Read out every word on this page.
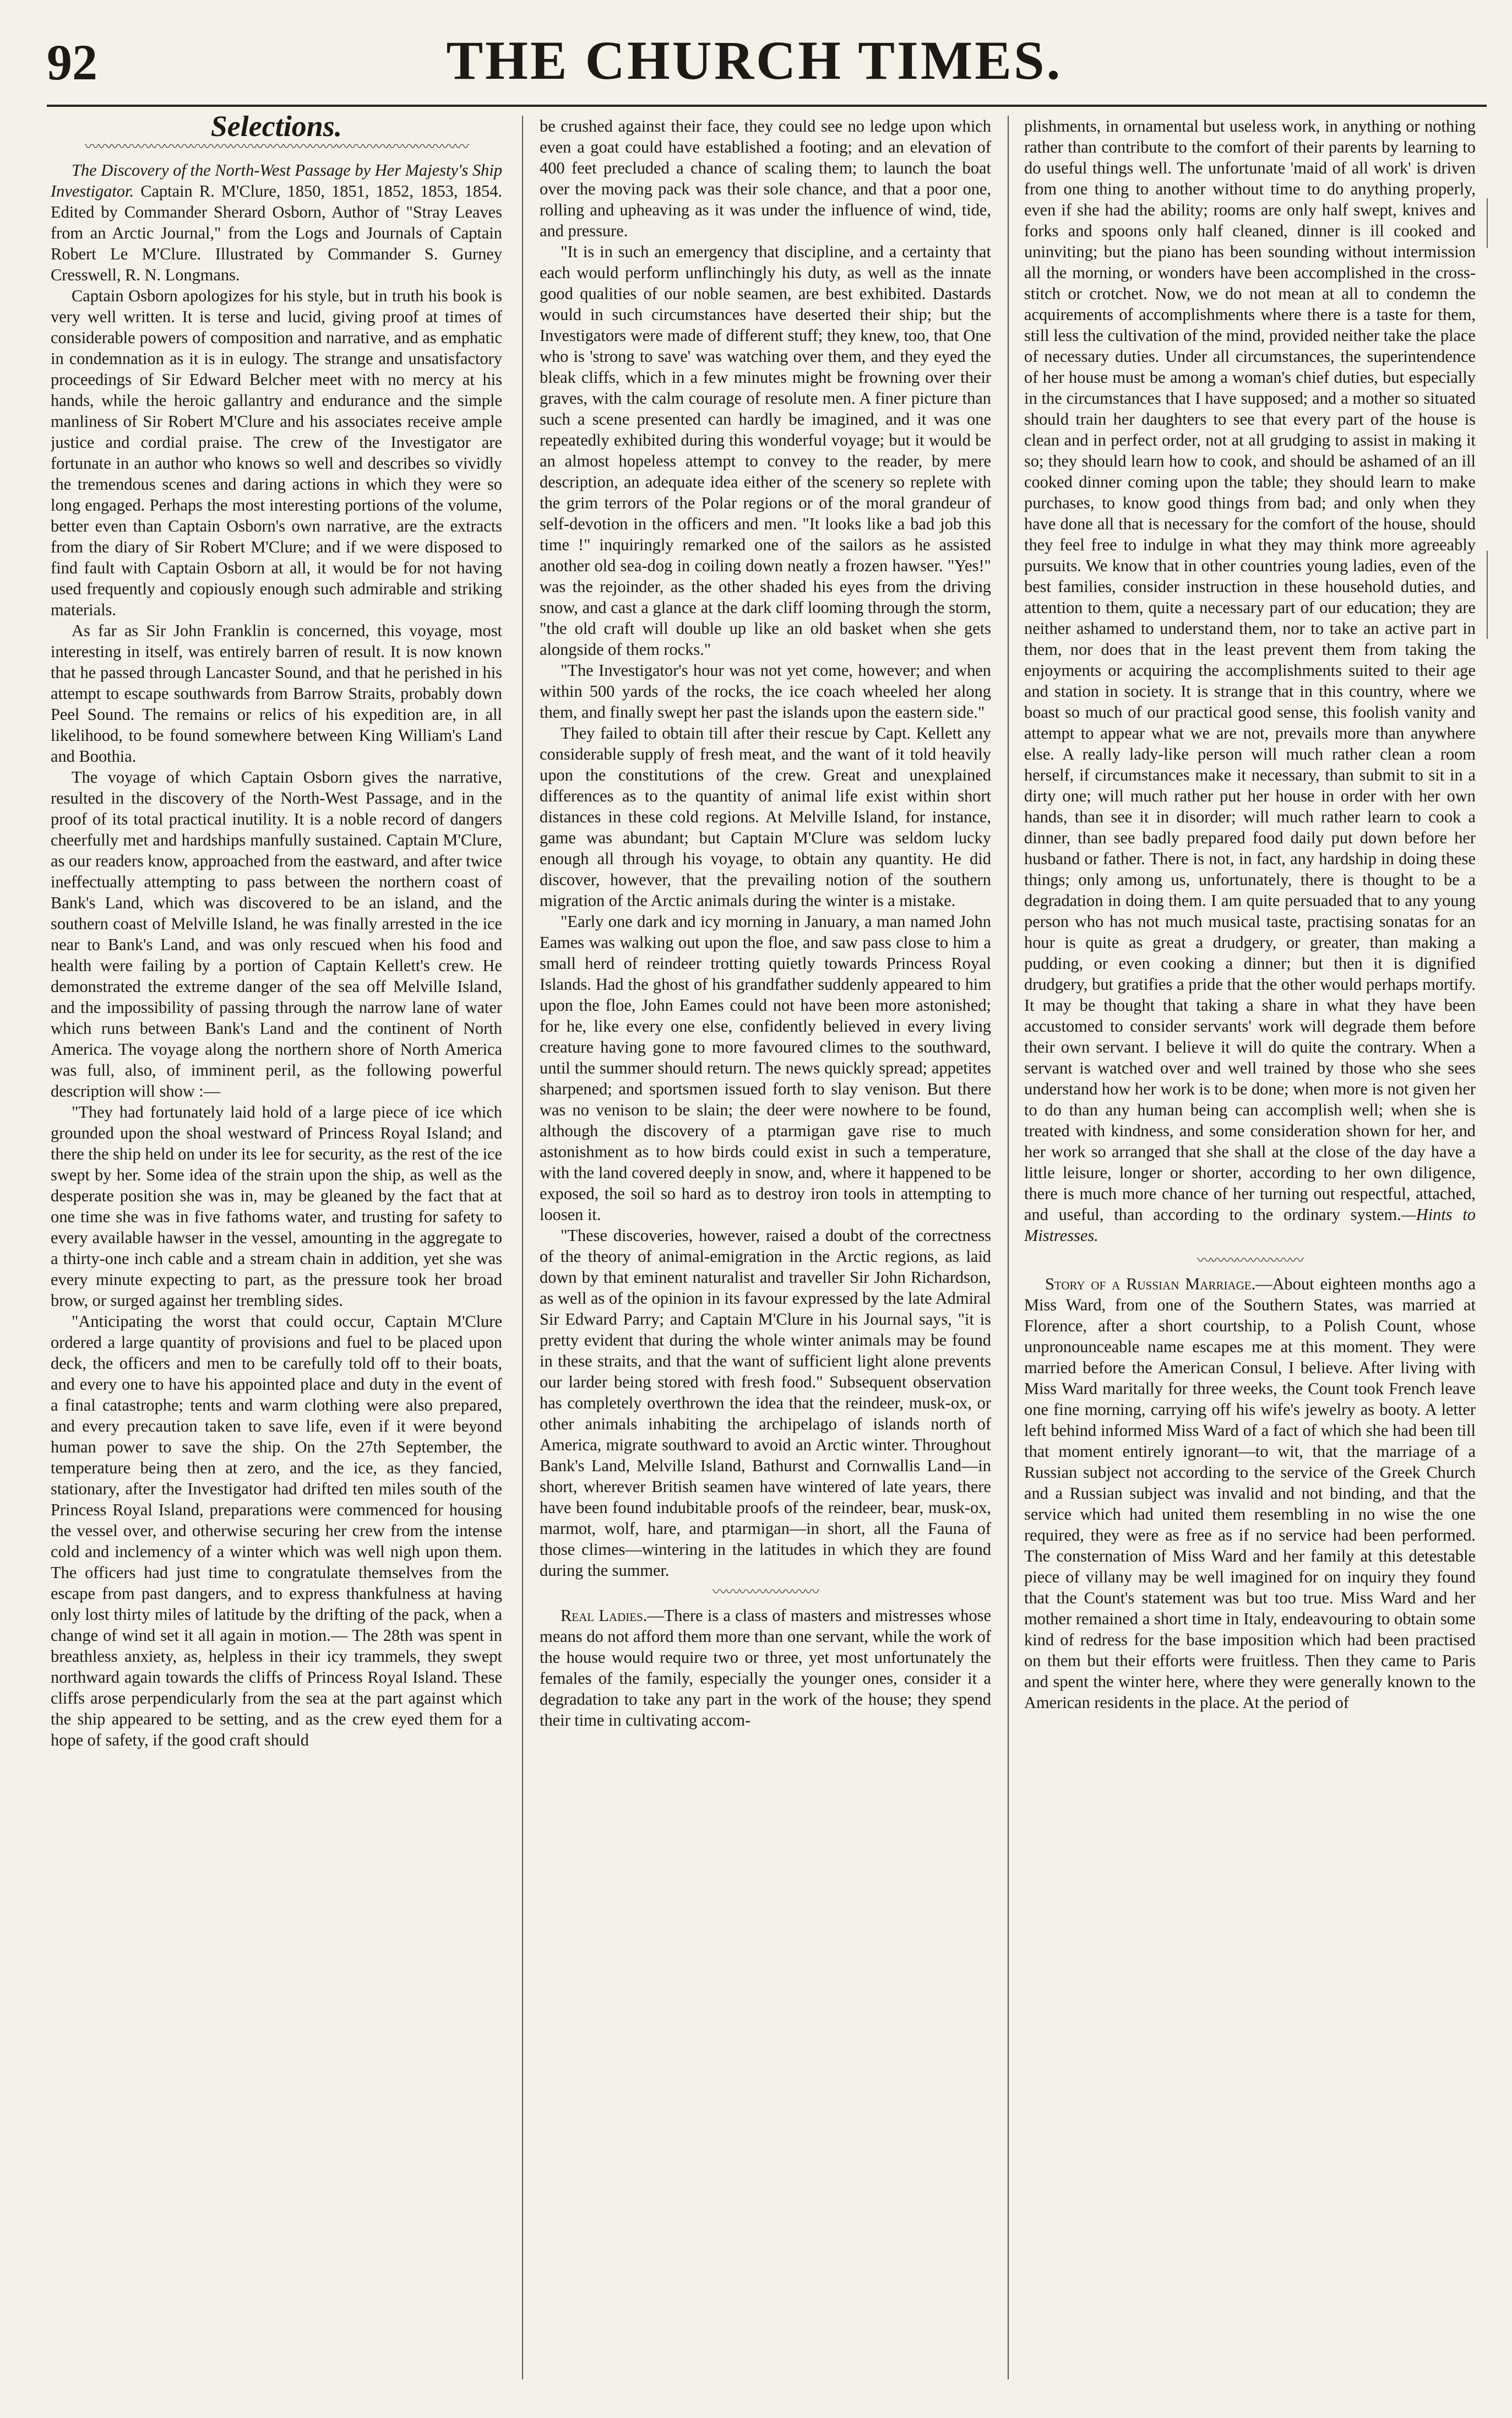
92	THE CHURCH TIMES.
Selections.
〰〰〰〰〰〰〰〰〰〰〰〰〰〰〰〰〰〰〰〰〰〰〰〰〰〰〰〰〰

The Discovery of the North-West Passage by Her Majesty's Ship Investigator. Captain R. M'Clure, 1850, 1851, 1852, 1853, 1854. Edited by Commander Sherard Osborn, Author of "Stray Leaves from an Arctic Journal," from the Logs and Journals of Captain Robert Le M'Clure. Illustrated by Commander S. Gurney Cresswell, R. N. Longmans.

Captain Osborn apologizes for his style, but in truth his book is very well written. It is terse and lucid, giving proof at times of considerable powers of composition and narrative, and as emphatic in condemnation as it is in eulogy. The strange and unsatisfactory proceedings of Sir Edward Belcher meet with no mercy at his hands, while the heroic gallantry and endurance and the simple manliness of Sir Robert M'Clure and his associates receive ample justice and cordial praise. The crew of the Investigator are fortunate in an author who knows so well and describes so vividly the tremendous scenes and daring actions in which they were so long engaged. Perhaps the most interesting portions of the volume, better even than Captain Osborn's own narrative, are the extracts from the diary of Sir Robert M'Clure; and if we were disposed to find fault with Captain Osborn at all, it would be for not having used frequently and copiously enough such admirable and striking materials.

As far as Sir John Franklin is concerned, this voyage, most interesting in itself, was entirely barren of result. It is now known that he passed through Lancaster Sound, and that he perished in his attempt to escape southwards from Barrow Straits, probably down Peel Sound. The remains or relics of his expedition are, in all likelihood, to be found somewhere between King William's Land and Boothia.

The voyage of which Captain Osborn gives the narrative, resulted in the discovery of the North-West Passage, and in the proof of its total practical inutility. It is a noble record of dangers cheerfully met and hardships manfully sustained. Captain M'Clure, as our readers know, approached from the eastward, and after twice ineffectually attempting to pass between the northern coast of Bank's Land, which was discovered to be an island, and the southern coast of Melville Island, he was finally arrested in the ice near to Bank's Land, and was only rescued when his food and health were failing by a portion of Captain Kellett's crew. He demonstrated the extreme danger of the sea off Melville Island, and the impossibility of passing through the narrow lane of water which runs between Bank's Land and the continent of North America. The voyage along the northern shore of North America was full, also, of imminent peril, as the following powerful description will show :—

"They had fortunately laid hold of a large piece of ice which grounded upon the shoal westward of Princess Royal Island; and there the ship held on under its lee for security, as the rest of the ice swept by her. Some idea of the strain upon the ship, as well as the desperate position she was in, may be gleaned by the fact that at one time she was in five fathoms water, and trusting for safety to every available hawser in the vessel, amounting in the aggregate to a thirty-one inch cable and a stream chain in addition, yet she was every minute expecting to part, as the pressure took her broad brow, or surged against her trembling sides.

"Anticipating the worst that could occur, Captain M'Clure ordered a large quantity of provisions and fuel to be placed upon deck, the officers and men to be carefully told off to their boats, and every one to have his appointed place and duty in the event of a final catastrophe; tents and warm clothing were also prepared, and every precaution taken to save life, even if it were beyond human power to save the ship. On the 27th September, the temperature being then at zero, and the ice, as they fancied, stationary, after the Investigator had drifted ten miles south of the Princess Royal Island, preparations were commenced for housing the vessel over, and otherwise securing her crew from the intense cold and inclemency of a winter which was well nigh upon them. The officers had just time to congratulate themselves from the escape from past dangers, and to express thankfulness at having only lost thirty miles of latitude by the drifting of the pack, when a change of wind set it all again in motion.— The 28th was spent in breathless anxiety, as, helpless in their icy trammels, they swept northward again towards the cliffs of Princess Royal Island. These cliffs arose perpendicularly from the sea at the part against which the ship appeared to be setting, and as the crew eyed them for a hope of safety, if the good craft should

be crushed against their face, they could see no ledge upon which even a goat could have established a footing; and an elevation of 400 feet precluded a chance of scaling them; to launch the boat over the moving pack was their sole chance, and that a poor one, rolling and upheaving as it was under the influence of wind, tide, and pressure.

"It is in such an emergency that discipline, and a certainty that each would perform unflinchingly his duty, as well as the innate good qualities of our noble seamen, are best exhibited. Dastards would in such circumstances have deserted their ship; but the Investigators were made of different stuff; they knew, too, that One who is 'strong to save' was watching over them, and they eyed the bleak cliffs, which in a few minutes might be frowning over their graves, with the calm courage of resolute men. A finer picture than such a scene presented can hardly be imagined, and it was one repeatedly exhibited during this wonderful voyage; but it would be an almost hopeless attempt to convey to the reader, by mere description, an adequate idea either of the scenery so replete with the grim terrors of the Polar regions or of the moral grandeur of self-devotion in the officers and men. "It looks like a bad job this time !" inquiringly remarked one of the sailors as he assisted another old sea-dog in coiling down neatly a frozen hawser. "Yes!" was the rejoinder, as the other shaded his eyes from the driving snow, and cast a glance at the dark cliff looming through the storm, "the old craft will double up like an old basket when she gets alongside of them rocks."

"The Investigator's hour was not yet come, however; and when within 500 yards of the rocks, the ice coach wheeled her along them, and finally swept her past the islands upon the eastern side."

They failed to obtain till after their rescue by Capt. Kellett any considerable supply of fresh meat, and the want of it told heavily upon the constitutions of the crew. Great and unexplained differences as to the quantity of animal life exist within short distances in these cold regions. At Melville Island, for instance, game was abundant; but Captain M'Clure was seldom lucky enough all through his voyage, to obtain any quantity. He did discover, however, that the prevailing notion of the southern migration of the Arctic animals during the winter is a mistake.

"Early one dark and icy morning in January, a man named John Eames was walking out upon the floe, and saw pass close to him a small herd of reindeer trotting quietly towards Princess Royal Islands. Had the ghost of his grandfather suddenly appeared to him upon the floe, John Eames could not have been more astonished; for he, like every one else, confidently believed in every living creature having gone to more favoured climes to the southward, until the summer should return. The news quickly spread; appetites sharpened; and sportsmen issued forth to slay venison. But there was no venison to be slain; the deer were nowhere to be found, although the discovery of a ptarmigan gave rise to much astonishment as to how birds could exist in such a temperature, with the land covered deeply in snow, and, where it happened to be exposed, the soil so hard as to destroy iron tools in attempting to loosen it.

"These discoveries, however, raised a doubt of the correctness of the theory of animal-emigration in the Arctic regions, as laid down by that eminent naturalist and traveller Sir John Richardson, as well as of the opinion in its favour expressed by the late Admiral Sir Edward Parry; and Captain M'Clure in his Journal says, "it is pretty evident that during the whole winter animals may be found in these straits, and that the want of sufficient light alone prevents our larder being stored with fresh food." Subsequent observation has completely overthrown the idea that the reindeer, musk-ox, or other animals inhabiting the archipelago of islands north of America, migrate southward to avoid an Arctic winter. Throughout Bank's Land, Melville Island, Bathurst and Cornwallis Land—in short, wherever British seamen have wintered of late years, there have been found indubitable proofs of the reindeer, bear, musk-ox, marmot, wolf, hare, and ptarmigan—in short, all the Fauna of those climes—wintering in the latitudes in which they are found during the summer.

〰〰〰〰〰〰〰〰

Real Ladies.—There is a class of masters and mistresses whose means do not afford them more than one servant, while the work of the house would require two or three, yet most unfortunately the females of the family, especially the younger ones, consider it a degradation to take any part in the work of the house; they spend their time in cultivating accom-

plishments, in ornamental but useless work, in anything or nothing rather than contribute to the comfort of their parents by learning to do useful things well. The unfortunate 'maid of all work' is driven from one thing to another without time to do anything properly, even if she had the ability; rooms are only half swept, knives and forks and spoons only half cleaned, dinner is ill cooked and uninviting; but the piano has been sounding without intermission all the morning, or wonders have been accomplished in the cross-stitch or crotchet. Now, we do not mean at all to condemn the acquirements of accomplishments where there is a taste for them, still less the cultivation of the mind, provided neither take the place of necessary duties. Under all circumstances, the superintendence of her house must be among a woman's chief duties, but especially in the circumstances that I have supposed; and a mother so situated should train her daughters to see that every part of the house is clean and in perfect order, not at all grudging to assist in making it so; they should learn how to cook, and should be ashamed of an ill cooked dinner coming upon the table; they should learn to make purchases, to know good things from bad; and only when they have done all that is necessary for the comfort of the house, should they feel free to indulge in what they may think more agreeably pursuits. We know that in other countries young ladies, even of the best families, consider instruction in these household duties, and attention to them, quite a necessary part of our education; they are neither ashamed to understand them, nor to take an active part in them, nor does that in the least prevent them from taking the enjoyments or acquiring the accomplishments suited to their age and station in society. It is strange that in this country, where we boast so much of our practical good sense, this foolish vanity and attempt to appear what we are not, prevails more than anywhere else. A really lady-like person will much rather clean a room herself, if circumstances make it necessary, than submit to sit in a dirty one; will much rather put her house in order with her own hands, than see it in disorder; will much rather learn to cook a dinner, than see badly prepared food daily put down before her husband or father. There is not, in fact, any hardship in doing these things; only among us, unfortunately, there is thought to be a degradation in doing them. I am quite persuaded that to any young person who has not much musical taste, practising sonatas for an hour is quite as great a drudgery, or greater, than making a pudding, or even cooking a dinner; but then it is dignified drudgery, but gratifies a pride that the other would perhaps mortify. It may be thought that taking a share in what they have been accustomed to consider servants' work will degrade them before their own servant. I believe it will do quite the contrary. When a servant is watched over and well trained by those who she sees understand how her work is to be done; when more is not given her to do than any human being can accomplish well; when she is treated with kindness, and some consideration shown for her, and her work so arranged that she shall at the close of the day have a little leisure, longer or shorter, according to her own diligence, there is much more chance of her turning out respectful, attached, and useful, than according to the ordinary system.—Hints to Mistresses.

〰〰〰〰〰〰〰〰

Story of a Russian Marriage.—About eighteen months ago a Miss Ward, from one of the Southern States, was married at Florence, after a short courtship, to a Polish Count, whose unpronounceable name escapes me at this moment. They were married before the American Consul, I believe. After living with Miss Ward maritally for three weeks, the Count took French leave one fine morning, carrying off his wife's jewelry as booty. A letter left behind informed Miss Ward of a fact of which she had been till that moment entirely ignorant—to wit, that the marriage of a Russian subject not according to the service of the Greek Church and a Russian subject was invalid and not binding, and that the service which had united them resembling in no wise the one required, they were as free as if no service had been performed. The consternation of Miss Ward and her family at this detestable piece of villany may be well imagined for on inquiry they found that the Count's statement was but too true. Miss Ward and her mother remained a short time in Italy, endeavouring to obtain some kind of redress for the base imposition which had been practised on them but their efforts were fruitless. Then they came to Paris and spent the winter here, where they were generally known to the American residents in the place. At the period of
